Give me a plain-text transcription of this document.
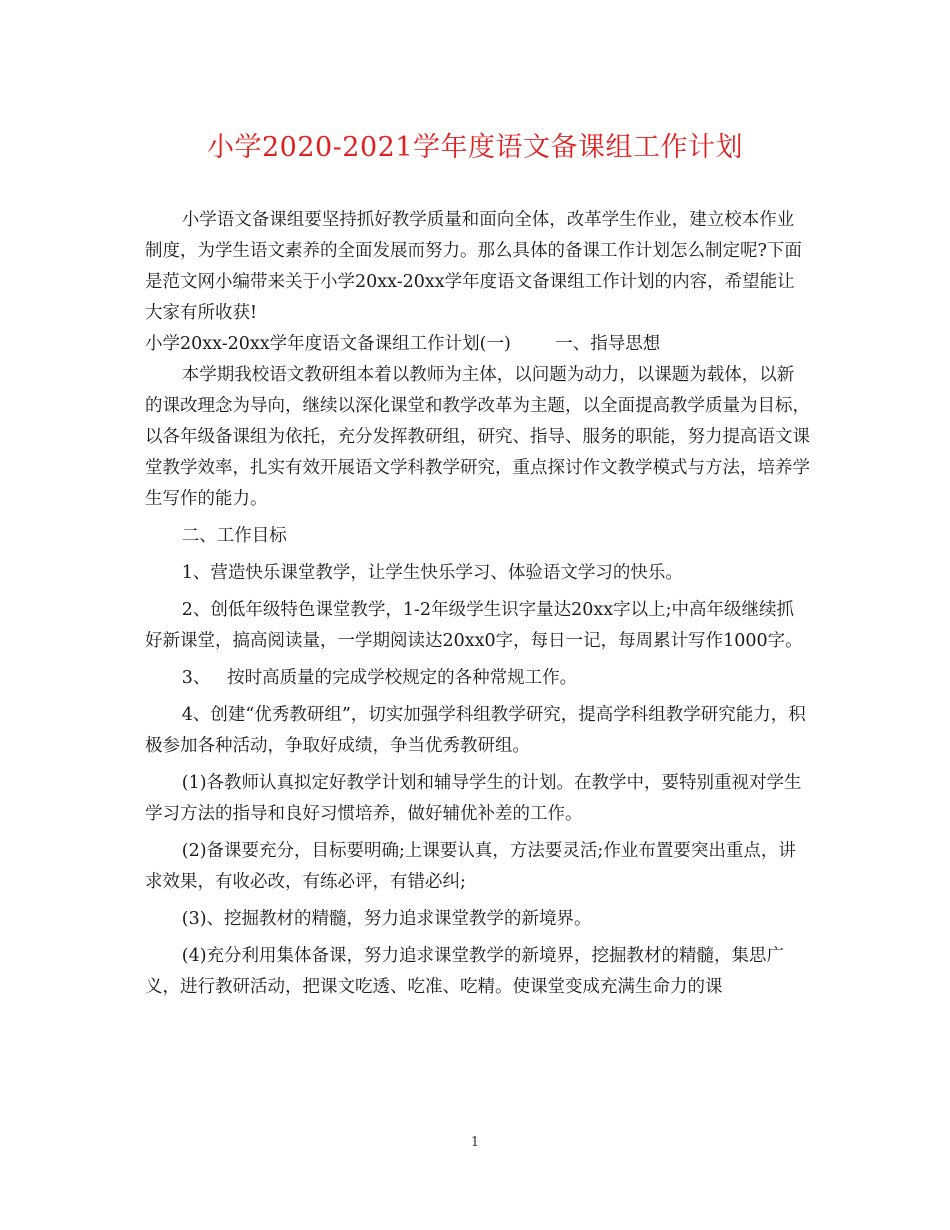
小学2020-2021学年度语文备课组工作计划

小学语文备课组要坚持抓好教学质量和面向全体，改革学生作业，建立校本作业制度，为学生语文素养的全面发展而努力。那么具体的备课工作计划怎么制定呢?下面是范文网小编带来关于小学20xx-20xx学年度语文备课组工作计划的内容，希望能让大家有所收获!

小学20xx-20xx学年度语文备课组工作计划(一)        一、指导思想

本学期我校语文教研组本着以教师为主体，以问题为动力，以课题为载体，以新的课改理念为导向，继续以深化课堂和教学改革为主题，以全面提高教学质量为目标，以各年级备课组为依托，充分发挥教研组，研究、指导、服务的职能，努力提高语文课堂教学效率，扎实有效开展语文学科教学研究，重点探讨作文教学模式与方法，培养学生写作的能力。

二、工作目标

1、营造快乐课堂教学，让学生快乐学习、体验语文学习的快乐。

2、创低年级特色课堂教学，1-2年级学生识字量达20xx字以上;中高年级继续抓好新课堂，搞高阅读量，一学期阅读达20xx0字，每日一记，每周累计写作1000字。

3、   按时高质量的完成学校规定的各种常规工作。

4、创建“优秀教研组”，切实加强学科组教学研究，提高学科组教学研究能力，积极参加各种活动，争取好成绩，争当优秀教研组。

(1)各教师认真拟定好教学计划和辅导学生的计划。在教学中，要特别重视对学生学习方法的指导和良好习惯培养，做好辅优补差的工作。

(2)备课要充分，目标要明确;上课要认真，方法要灵活;作业布置要突出重点，讲求效果，有收必改，有练必评，有错必纠;

(3)、挖掘教材的精髓，努力追求课堂教学的新境界。

(4)充分利用集体备课，努力追求课堂教学的新境界，挖掘教材的精髓，集思广义，进行教研活动，把课文吃透、吃准、吃精。使课堂变成充满生命力的课

1
